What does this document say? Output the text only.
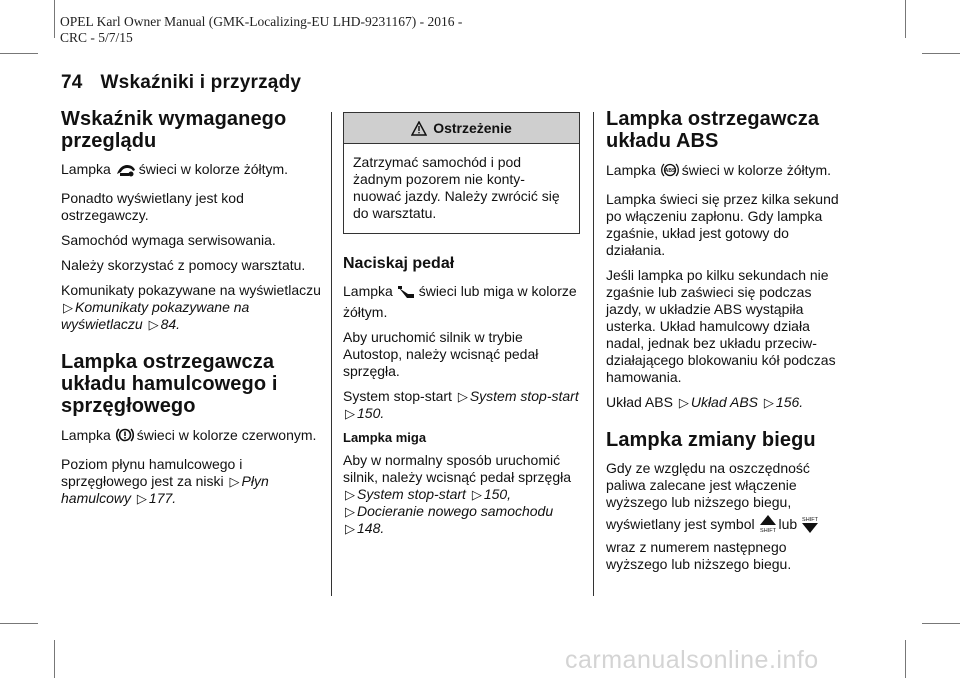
OPEL Karl Owner Manual (GMK-Localizing-EU LHD-9231167) - 2016 -
CRC - 5/7/15
74 Wskaźniki i przyrządy
Wskaźnik wymaganego przeglądu

Lampka świeci w kolorze żółtym.

Ponadto wyświetlany jest kod ostrzegawczy.

Samochód wymaga serwisowania.

Należy skorzystać z pomocy warsztatu.

Komunikaty pokazywane na wyświetlaczu ▷ Komunikaty pokazywane na wyświetlaczu ▷ 84.

Lampka ostrzegawcza układu hamulcowego i sprzęgłowego

Lampka świeci w kolorze czerwonym.

Poziom płynu hamulcowego i sprzęgłowego jest za niski ▷ Płyn hamulcowy ▷ 177.

Ostrzeżenie

Zatrzymać samochód i pod żadnym pozorem nie konty- nuować jazdy. Należy zwrócić się do warsztatu.

Naciskaj pedał

Lampka świeci lub miga w kolorze żółtym.

Aby uruchomić silnik w trybie Autostop, należy wcisnąć pedał sprzęgła.

System stop-start ▷ System stop-start ▷ 150.

Lampka miga

Aby w normalny sposób uruchomić silnik, należy wcisnąć pedał sprzęgła ▷ System stop-start ▷ 150, ▷ Docieranie nowego samochodu ▷ 148.

Lampka ostrzegawcza układu ABS

Lampka ABS świeci w kolorze żółtym.

Lampka świeci się przez kilka sekund po włączeniu zapłonu. Gdy lampka zgaśnie, układ jest gotowy do działania.

Jeśli lampka po kilku sekundach nie zgaśnie lub zaświeci się podczas jazdy, w układzie ABS wystąpiła usterka. Układ hamulcowy działa nadal, jednak bez układu przeciw- działającego blokowaniu kół podczas hamowania.

Układ ABS ▷ Układ ABS ▷ 156.

Lampka zmiany biegu

Gdy ze względu na oszczędność paliwa zalecane jest włączenie wyższego lub niższego biegu,

wyświetlany jest symbol SHIFT lub SHIFT

wraz z numerem następnego wyższego lub niższego biegu.

carmanualsonline.info
